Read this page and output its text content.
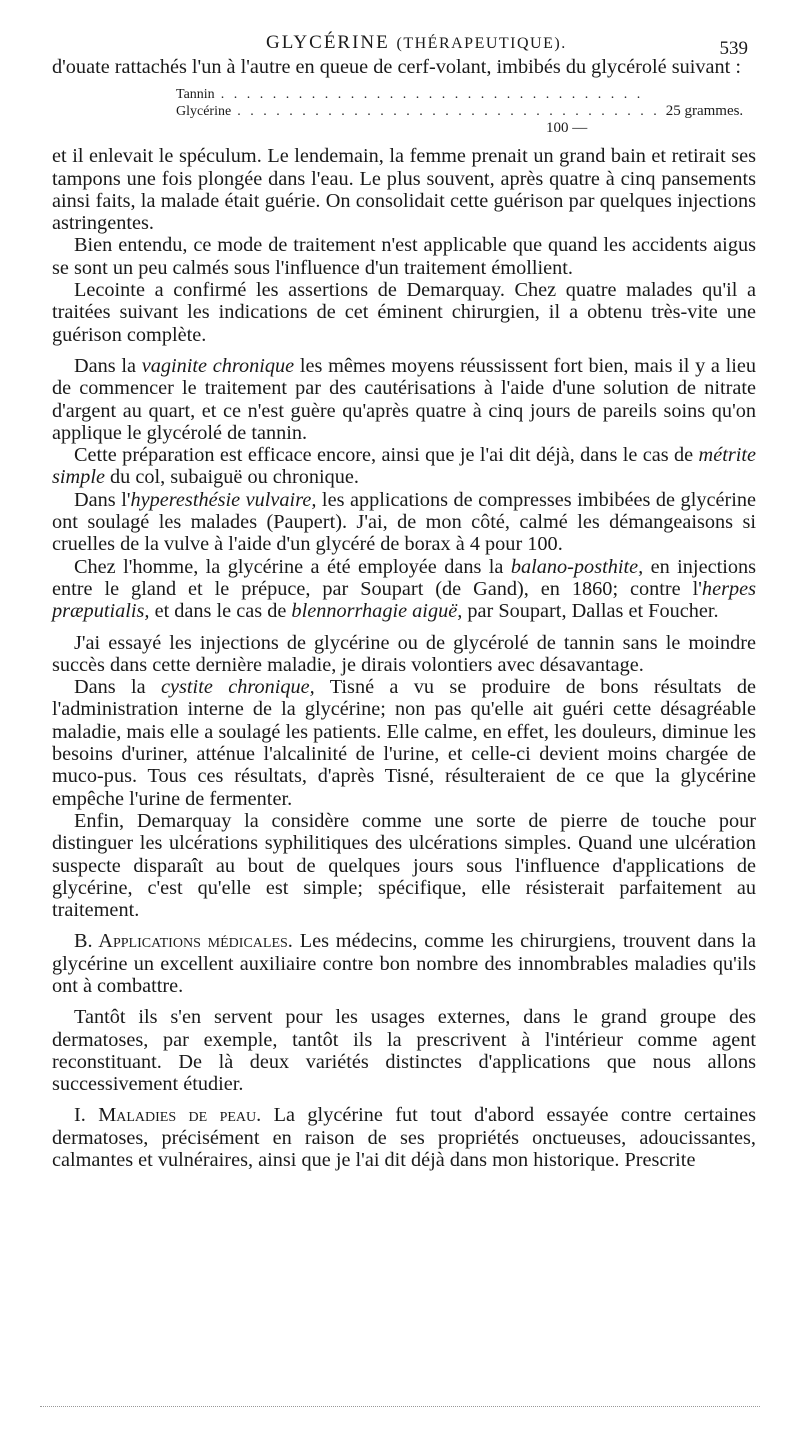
GLYCÉRINE (THÉRAPEUTIQUE).	539

d'ouate rattachés l'un à l'autre en queue de cerf-volant, imbibés du glycérolé suivant :

Tannin . . . . . . . . . . . . . . . . . . . . . . . . . . . . . . . . .
Glycérine . . . . . . . . . . . . . . . . . . . . . . . . . . . . . . . . . 25 grammes.
100 —

et il enlevait le spéculum. Le lendemain, la femme prenait un grand bain et retirait ses tampons une fois plongée dans l'eau. Le plus souvent, après quatre à cinq pansements ainsi faits, la malade était guérie. On consolidait cette guérison par quelques injections astringentes.

Bien entendu, ce mode de traitement n'est applicable que quand les accidents aigus se sont un peu calmés sous l'influence d'un traitement émollient.

Lecointe a confirmé les assertions de Demarquay. Chez quatre malades qu'il a traitées suivant les indications de cet éminent chirurgien, il a obtenu très-vite une guérison complète.

Dans la vaginite chronique les mêmes moyens réussissent fort bien, mais il y a lieu de commencer le traitement par des cautérisations à l'aide d'une solution de nitrate d'argent au quart, et ce n'est guère qu'après quatre à cinq jours de pareils soins qu'on applique le glycérolé de tannin.

Cette préparation est efficace encore, ainsi que je l'ai dit déjà, dans le cas de métrite simple du col, subaiguë ou chronique.

Dans l'hyperesthésie vulvaire, les applications de compresses imbibées de glycérine ont soulagé les malades (Paupert). J'ai, de mon côté, calmé les démangeaisons si cruelles de la vulve à l'aide d'un glycéré de borax à 4 pour 100.

Chez l'homme, la glycérine a été employée dans la balano-posthite, en injections entre le gland et le prépuce, par Soupart (de Gand), en 1860; contre l'herpes præputialis, et dans le cas de blennorrhagie aiguë, par Soupart, Dallas et Foucher.

J'ai essayé les injections de glycérine ou de glycérolé de tannin sans le moindre succès dans cette dernière maladie, je dirais volontiers avec désavantage.

Dans la cystite chronique, Tisné a vu se produire de bons résultats de l'administration interne de la glycérine; non pas qu'elle ait guéri cette désagréable maladie, mais elle a soulagé les patients. Elle calme, en effet, les douleurs, diminue les besoins d'uriner, atténue l'alcalinité de l'urine, et celle-ci devient moins chargée de muco-pus. Tous ces résultats, d'après Tisné, résulteraient de ce que la glycérine empêche l'urine de fermenter.

Enfin, Demarquay la considère comme une sorte de pierre de touche pour distinguer les ulcérations syphilitiques des ulcérations simples. Quand une ulcération suspecte disparaît au bout de quelques jours sous l'influence d'applications de glycérine, c'est qu'elle est simple; spécifique, elle résisterait parfaitement au traitement.

B. Applications médicales. Les médecins, comme les chirurgiens, trouvent dans la glycérine un excellent auxiliaire contre bon nombre des innombrables maladies qu'ils ont à combattre.

Tantôt ils s'en servent pour les usages externes, dans le grand groupe des dermatoses, par exemple, tantôt ils la prescrivent à l'intérieur comme agent reconstituant. De là deux variétés distinctes d'applications que nous allons successivement étudier.

I. Maladies de peau. La glycérine fut tout d'abord essayée contre certaines dermatoses, précisément en raison de ses propriétés onctueuses, adoucissantes, calmantes et vulnéraires, ainsi que je l'ai dit déjà dans mon historique. Prescrite
